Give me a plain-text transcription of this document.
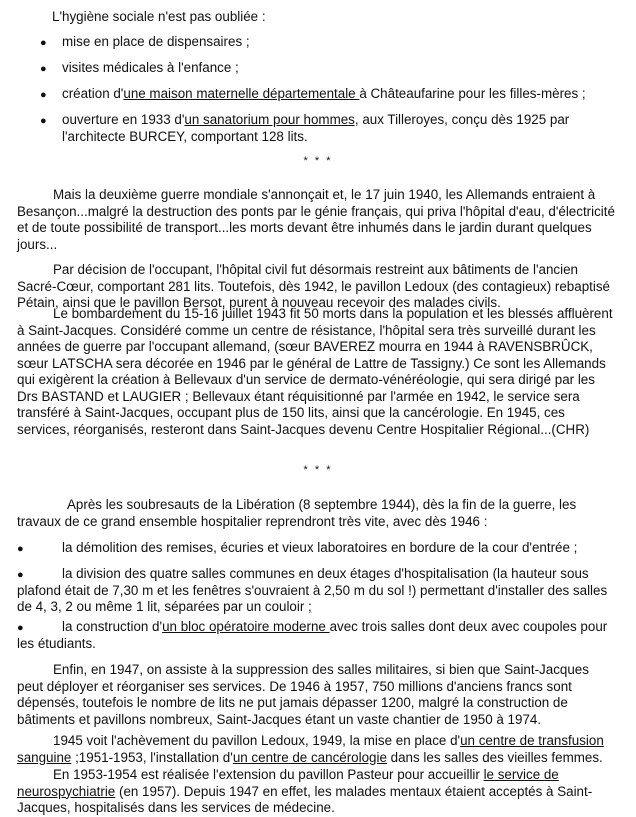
L'hygiène sociale n'est pas oubliée :
● mise en place de dispensaires ;
● visites médicales à l'enfance ;
● création d'une maison maternelle départementale à Châteaufarine pour les filles-mères ;
● ouverture en 1933 d'un sanatorium pour hommes, aux Tilleroyes, conçu dès 1925 par
l'architecte BURCEY, comportant 128 lits.
* * *
Mais la deuxième guerre mondiale s'annonçait et, le 17 juin 1940, les Allemands entraient à Besançon...malgré la destruction des ponts par le génie français, qui priva l'hôpital d'eau, d'électricité et de toute possibilité de transport...les morts devant être inhumés dans le jardin durant quelques jours...
Par décision de l'occupant, l'hôpital civil fut désormais restreint aux bâtiments de l'ancien Sacré-Cœur, comportant 281 lits. Toutefois, dès 1942, le pavillon Ledoux (des contagieux) rebaptisé Pétain, ainsi que le pavillon Bersot, purent à nouveau recevoir des malades civils.
Le bombardement du 15-16 juillet 1943 fit 50 morts dans la population et les blessés affluèrent à Saint-Jacques. Considéré comme un centre de résistance, l'hôpital sera très surveillé durant les années de guerre par l'occupant allemand, (sœur BAVEREZ mourra en 1944 à RAVENSBRÛCK, sœur LATSCHA sera décorée en 1946 par le général de Lattre de Tassigny.) Ce sont les Allemands qui exigèrent la création à Bellevaux d'un service de dermato-vénéréologie, qui sera dirigé par les Drs BASTAND et LAUGIER ; Bellevaux étant réquisitionné par l'armée en 1942, le service sera transféré à Saint-Jacques, occupant plus de 150 lits, ainsi que la cancérologie. En 1945, ces services, réorganisés, resteront dans Saint-Jacques devenu Centre Hospitalier Régional...(CHR)
* * *
Après les soubresauts de la Libération (8 septembre 1944), dès la fin de la guerre, les travaux de ce grand ensemble hospitalier reprendront très vite, avec dès 1946 :
●	la démolition des remises, écuries et vieux laboratoires en bordure de la cour d'entrée ;
●	la division des quatre salles communes en deux étages d'hospitalisation (la hauteur sous plafond était de 7,30 m et les fenêtres s'ouvraient à 2,50 m du sol !) permettant d'installer des salles de 4, 3, 2 ou même 1 lit, séparées par un couloir ;
●	la construction d'un bloc opératoire moderne avec trois salles dont deux avec coupoles pour les étudiants.
Enfin, en 1947, on assiste à la suppression des salles militaires, si bien que Saint-Jacques peut déployer et réorganiser ses services. De 1946 à 1957, 750 millions d'anciens francs sont dépensés, toutefois le nombre de lits ne put jamais dépasser 1200, malgré la construction de bâtiments et pavillons nombreux, Saint-Jacques étant un vaste chantier de 1950 à 1974.
1945 voit l'achèvement du pavillon Ledoux, 1949, la mise en place d'un centre de transfusion sanguine ;1951-1953, l'installation d'un centre de cancérologie dans les salles des vieilles femmes.
En 1953-1954 est réalisée l'extension du pavillon Pasteur pour accueillir le service de neurospychiatrie (en 1957). Depuis 1947 en effet, les malades mentaux étaient acceptés à Saint-Jacques, hospitalisés dans les services de médecine.
